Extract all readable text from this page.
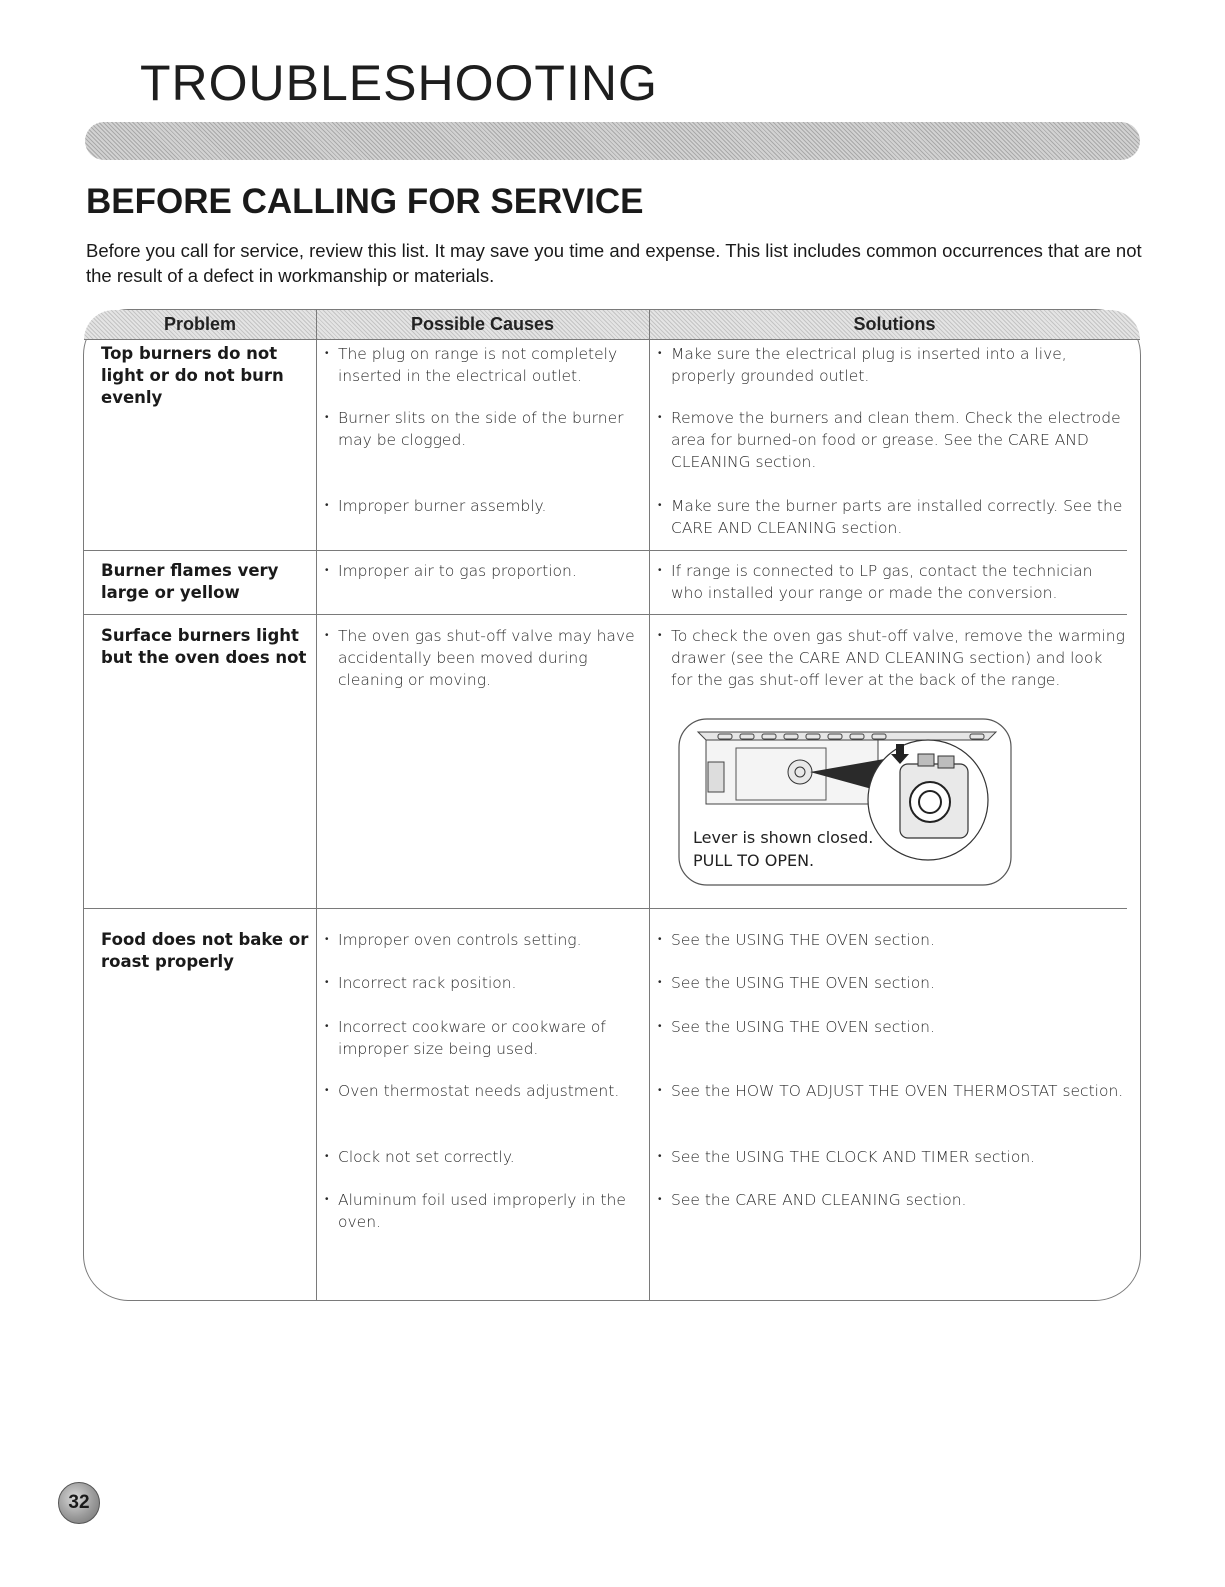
TROUBLESHOOTING
BEFORE CALLING FOR SERVICE

Before you call for service, review this list. It may save you time and expense. This list includes common occurrences that are not the result of a defect in workmanship or materials.

Problem	Possible Causes	Solutions
Top burners do not light or do not burn evenly
• The plug on range is not completely inserted in the electrical outlet.
• Burner slits on the side of the burner may be clogged.
• Improper burner assembly.
• Make sure the electrical plug is inserted into a live, properly grounded outlet.
• Remove the burners and clean them. Check the electrode area for burned-on food or grease. See the CARE AND CLEANING section.
• Make sure the burner parts are installed correctly. See the CARE AND CLEANING section.
Burner flames very large or yellow
• Improper air to gas proportion.
•	If range is connected to LP gas, contact the technician who installed your range or made the conversion.
Surface burners light but the oven does not
• The oven gas shut-off valve may have accidentally been moved during cleaning or moving.
• To check the oven gas shut-off valve, remove the warming drawer (see the CARE AND CLEANING section) and look for the gas shut-off lever at the back of the range.
Lever is shown closed.
PULL TO OPEN.
Food does not bake or roast properly
• Improper oven controls setting.
• Incorrect rack position.
• Incorrect cookware or cookware of improper size being used.
• Oven thermostat needs adjustment.
• Clock not set correctly.
• Aluminum foil used improperly in the oven.
• See the USING THE OVEN section.
• See the USING THE OVEN section.
• See the USING THE OVEN section.
• See the HOW TO ADJUST THE OVEN THERMOSTAT section.
• See the USING THE CLOCK AND TIMER section.
• See the CARE AND CLEANING section.
32
